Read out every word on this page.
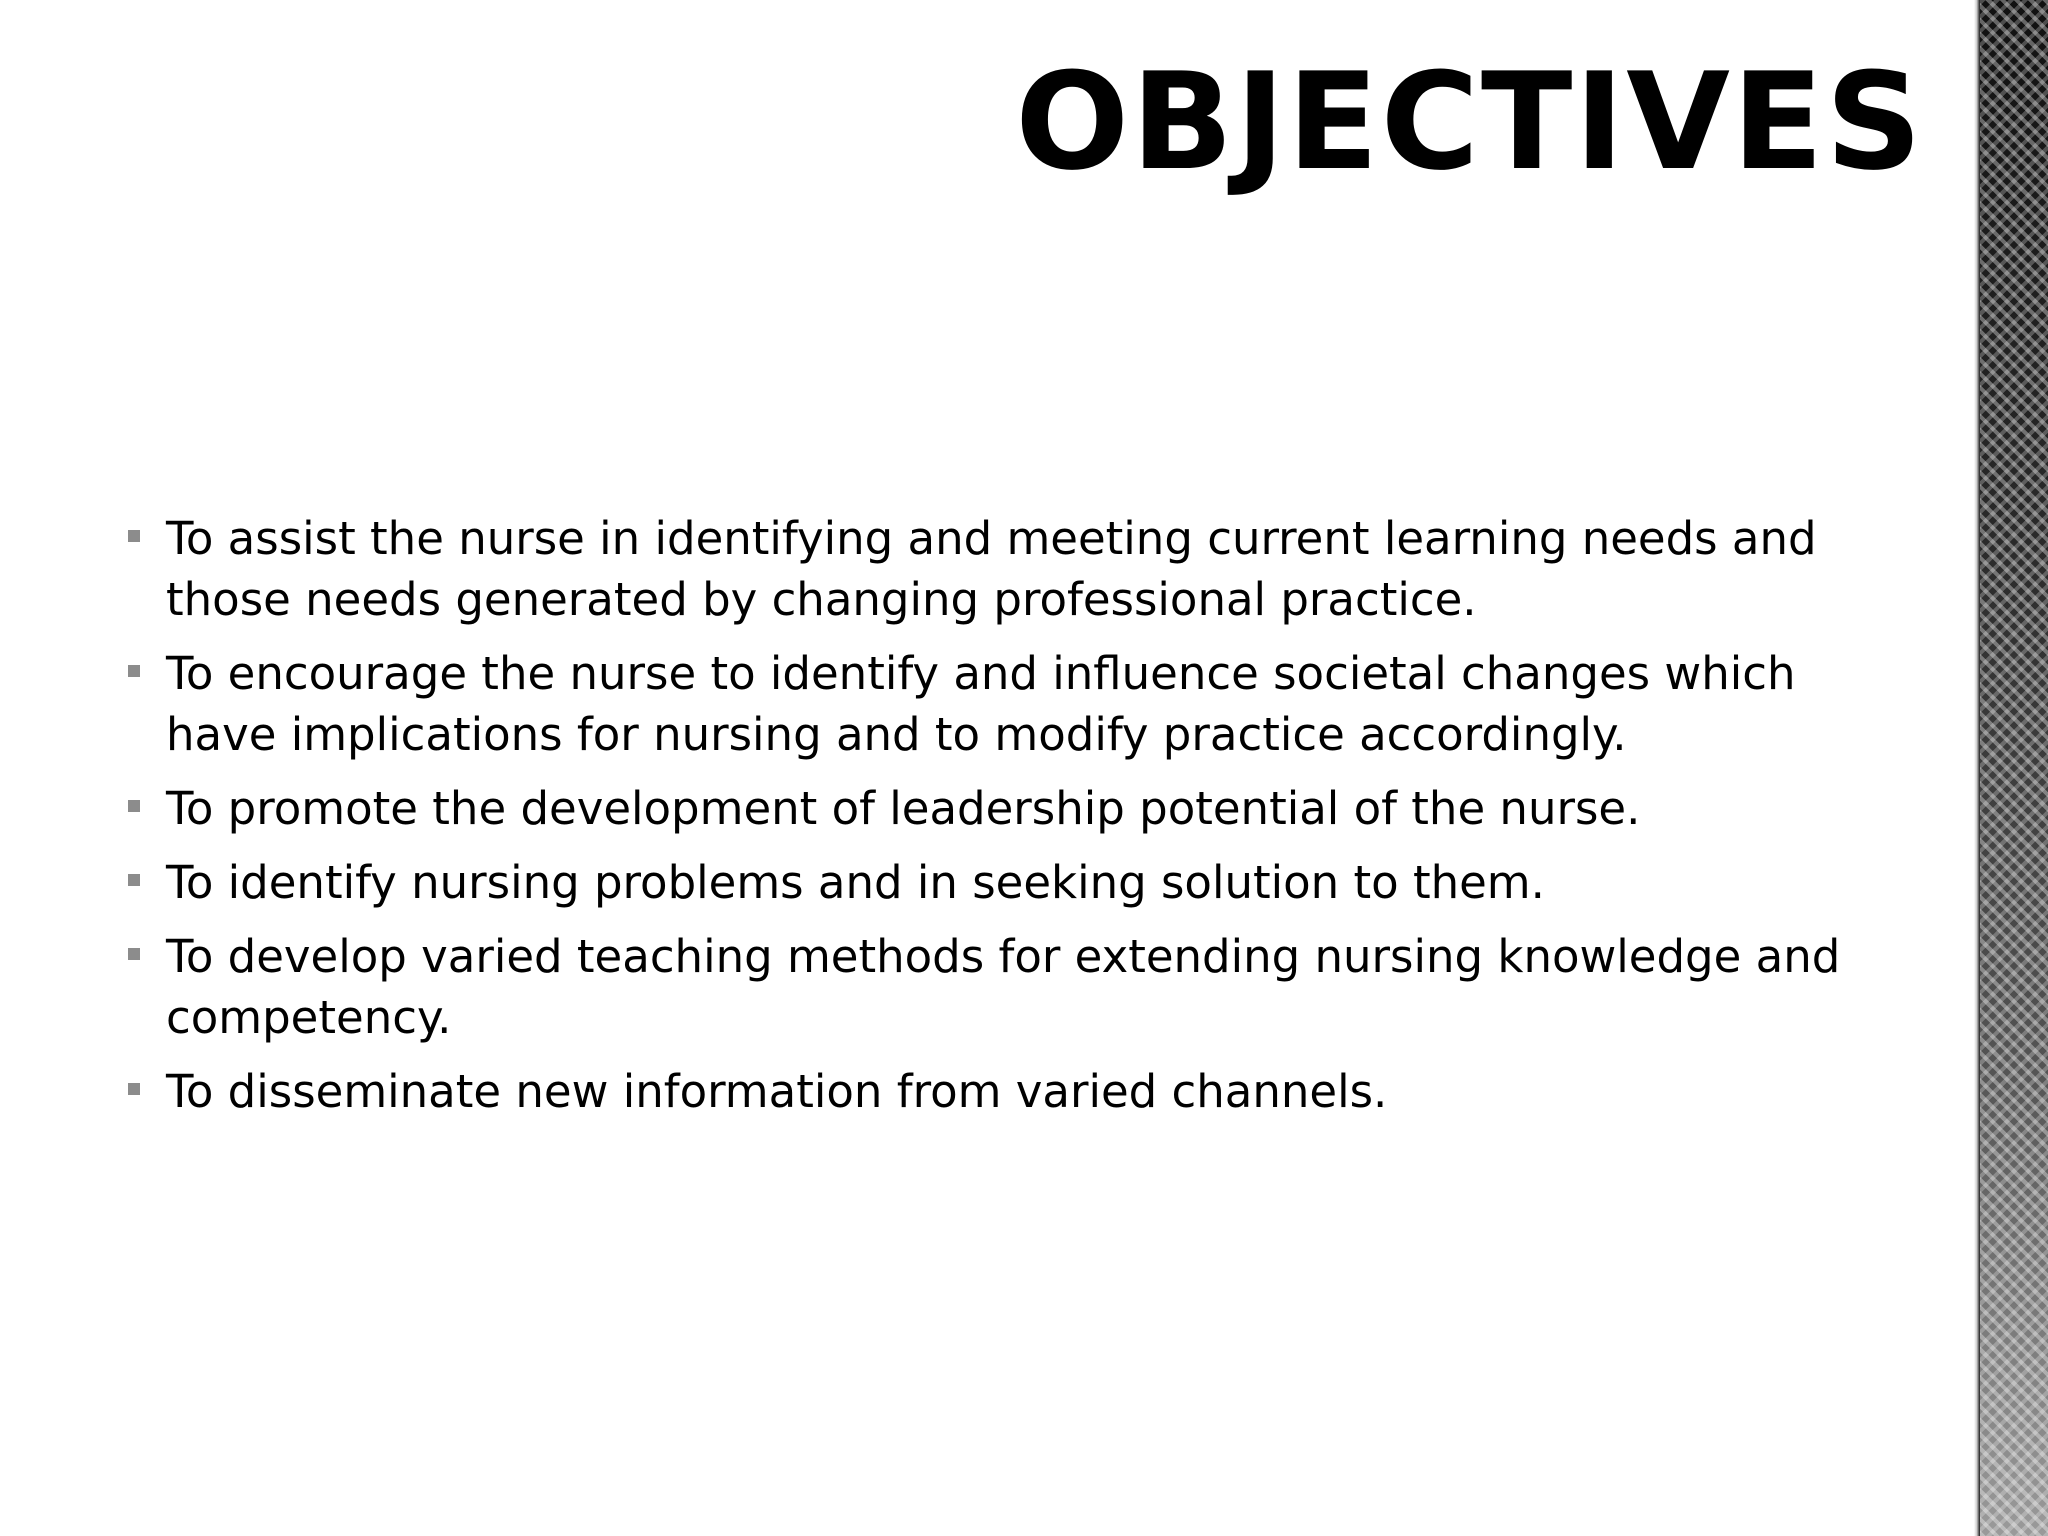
OBJECTIVES
To assist the nurse in identifying and meeting current learning needs and those needs generated by changing professional practice.
To encourage the nurse to identify and influence societal changes which have implications for nursing and to modify practice accordingly.
To promote the development of leadership potential of the nurse.
To identify nursing problems and in seeking solution to them.
To develop varied teaching methods for extending nursing knowledge and competency.
To disseminate new information from varied channels.
